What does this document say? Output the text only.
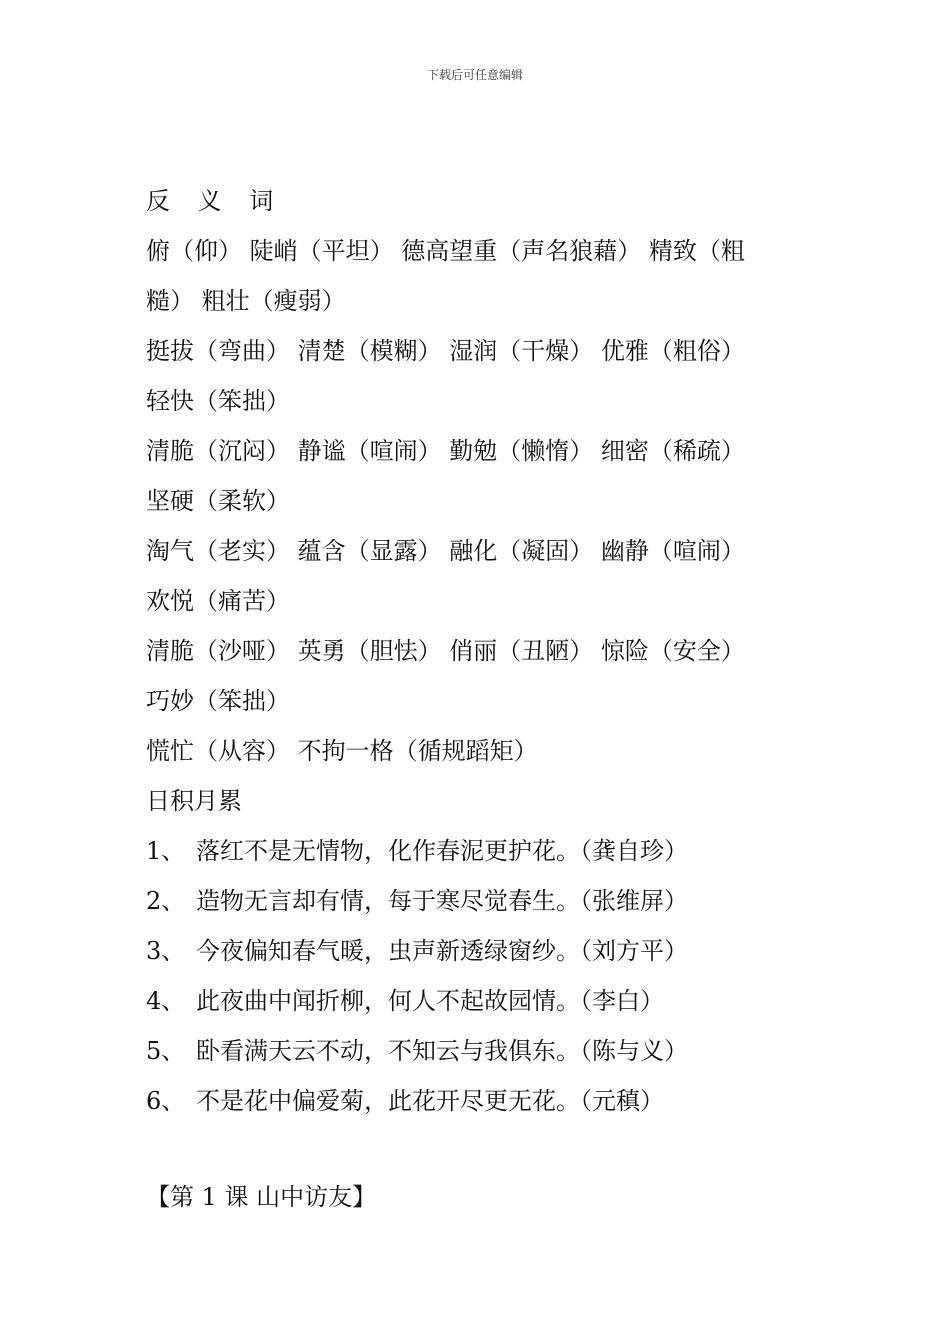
下载后可任意编辑
反 义 词
俯（仰） 陡峭（平坦） 德高望重（声名狼藉） 精致（粗
糙） 粗壮（瘦弱）
挺拔（弯曲） 清楚（模糊） 湿润（干燥） 优雅（粗俗）
轻快（笨拙）
清脆（沉闷） 静谧（喧闹） 勤勉（懒惰） 细密（稀疏）
坚硬（柔软）
淘气（老实） 蕴含（显露） 融化（凝固） 幽静（喧闹）
欢悦（痛苦）
清脆（沙哑） 英勇（胆怯） 俏丽（丑陋） 惊险（安全）
巧妙（笨拙）
慌忙（从容） 不拘一格（循规蹈矩）
日积月累
1、 落红不是无情物，化作春泥更护花。（龚自珍）
2、 造物无言却有情，每于寒尽觉春生。（张维屏）
3、 今夜偏知春气暖，虫声新透绿窗纱。（刘方平）
4、 此夜曲中闻折柳，何人不起故园情。（李白）
5、 卧看满天云不动，不知云与我俱东。（陈与义）
6、 不是花中偏爱菊，此花开尽更无花。（元稹）
【第 1 课 山中访友】
